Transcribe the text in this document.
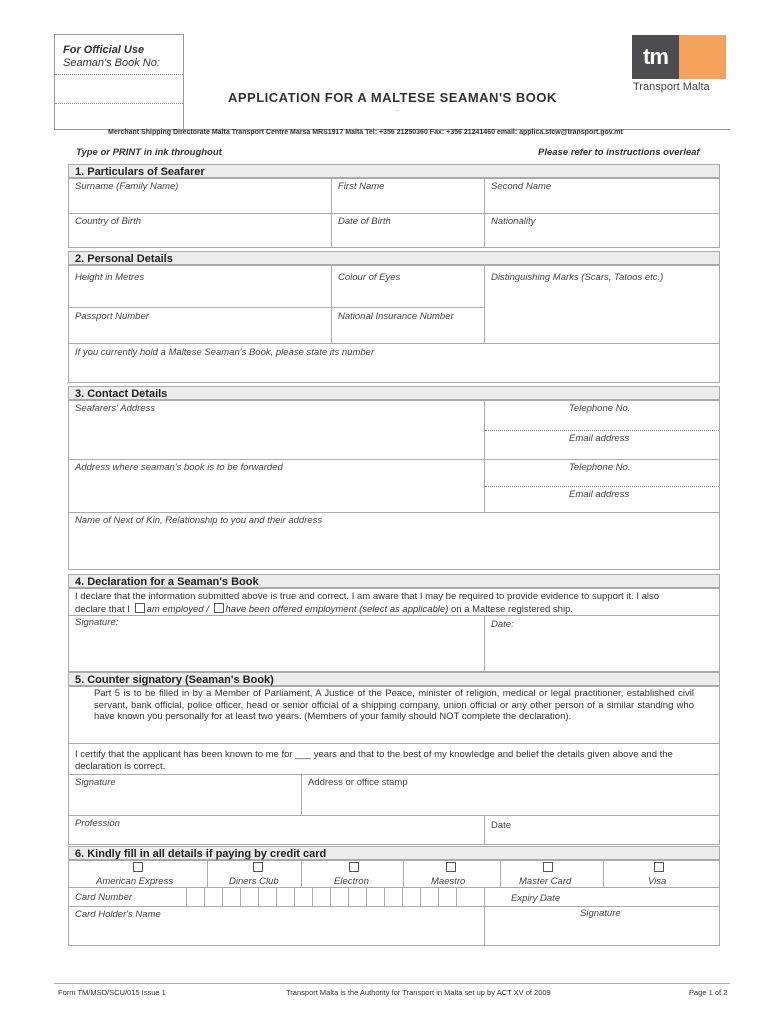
For Official Use
Seaman's Book No:	tm
Transport Malta
APPLICATION FOR A MALTESE SEAMAN'S BOOK
.
Merchant Shipping Directorate Malta Transport Centre Marsa MRS1917 Malta Tel: +356 21250360 Fax: +356 21241460 email: applica.stcw@transport.gov.mt
Type or PRINT in ink throughout	Please refer to instructions overleaf
1. Particulars of Seafarer
Surname (Family Name)	First Name	Second Name
Country of Birth	Date of Birth	Nationality
2. Personal Details
Height in Metres	Colour of Eyes	Distinguishing Marks (Scars, Tatoos etc.)
Passport Number	National Insurance Number
If you currently hold a Maltese Seaman's Book, please state its number
3. Contact Details
Seafarers' Address	Telephone No.
Email address
Address where seaman's book is to be forwarded	Telephone No.
Email address
Name of Next of Kin, Relationship to you and their address
4. Declaration for a Seaman's Book
I declare that the information submitted above is true and correct. I am aware that I may be required to provide evidence to support it. I also
declare that I am employed / have been offered employment (select as applicable) on a Maltese registered ship.
Signature:	Date:
5. Counter signatory (Seaman's Book)
Part 5 is to be filled in by a Member of Parliament, A Justice of the Peace, minister of religion, medical or legal practitioner, established civil servant, bank official, police officer, head or senior official of a shipping company, union official or any other person of a similar standing who have known you personally for at least two years. (Members of your family should NOT complete the declaration).
I certify that the applicant has been known to me for ___ years and that to the best of my knowledge and belief the details given above and the declaration is correct.
Signature	Address or office stamp
Profession	Date
6. Kindly fill in all details if paying by credit card
American Express	Diners Club	Electron	Maestro	Master Card	Visa
Card Number	Expiry Date
Card Holder's Name	Signature
Form TM/MSD/SCU/015 Issue 1	Transport Malta is the Authority for Transport in Malta set up by ACT XV of 2009	Page 1 of 2
